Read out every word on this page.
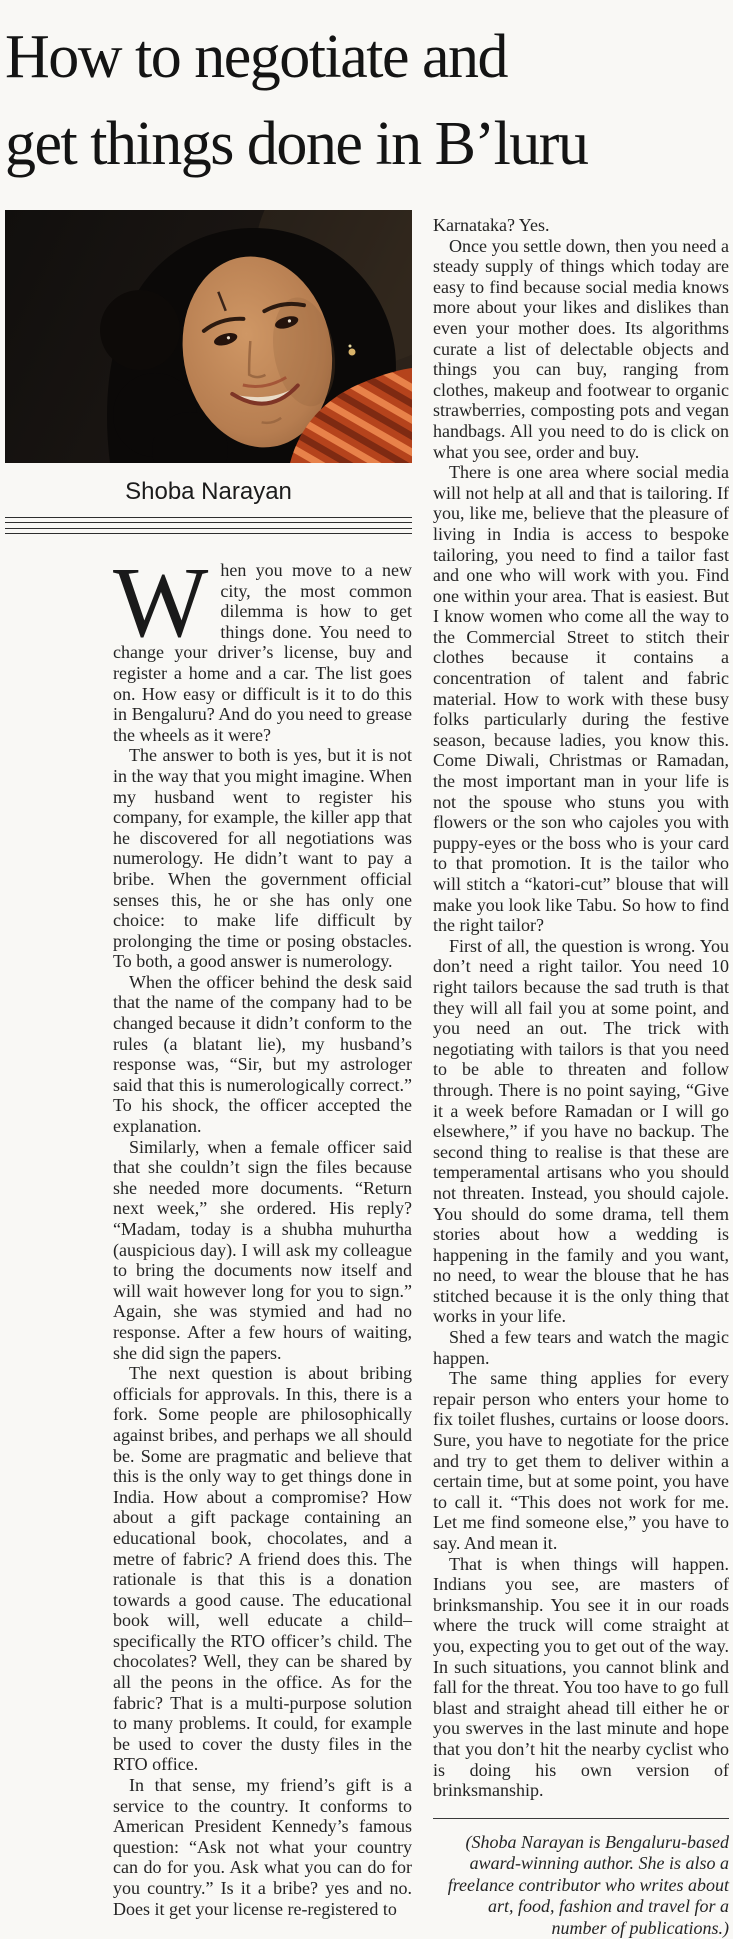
How to negotiate and
get things done in B’luru
Shoba Narayan

When you move to a new city, the most common dilemma is how to get things done. You need to change your driver’s license, buy and register a home and a car. The list goes on. How easy or difficult is it to do this in Bengaluru? And do you need to grease the wheels as it were?

The answer to both is yes, but it is not in the way that you might imagine. When my husband went to register his company, for example, the killer app that he discovered for all negotiations was numerology. He didn’t want to pay a bribe. When the government official senses this, he or she has only one choice: to make life difficult by prolonging the time or posing obstacles. To both, a good answer is numerology.

When the officer behind the desk said that the name of the company had to be changed because it didn’t conform to the rules (a blatant lie), my husband’s response was, “Sir, but my astrologer said that this is numerologically correct.” To his shock, the officer accepted the explanation.

Similarly, when a female officer said that she couldn’t sign the files because she needed more documents. “Return next week,” she ordered. His reply? “Madam, today is a shubha muhurtha (auspicious day). I will ask my colleague to bring the documents now itself and will wait however long for you to sign.” Again, she was stymied and had no response. After a few hours of waiting, she did sign the papers.

The next question is about bribing officials for approvals. In this, there is a fork. Some people are philosophically against bribes, and perhaps we all should be. Some are pragmatic and believe that this is the only way to get things done in India. How about a compromise? How about a gift package containing an educational book, chocolates, and a metre of fabric? A friend does this. The rationale is that this is a donation towards a good cause. The educational book will, well educate a child– specifically the RTO officer’s child. The chocolates? Well, they can be shared by all the peons in the office. As for the fabric? That is a multi-purpose solution to many problems. It could, for example be used to cover the dusty files in the RTO office.

In that sense, my friend’s gift is a service to the country. It conforms to American President Kennedy’s famous question: “Ask not what your country can do for you. Ask what you can do for you country.” Is it a bribe? yes and no. Does it get your license re-registered to

Karnataka? Yes.

Once you settle down, then you need a steady supply of things which today are easy to find because social media knows more about your likes and dislikes than even your mother does. Its algorithms curate a list of delectable objects and things you can buy, ranging from clothes, makeup and footwear to organic strawberries, composting pots and vegan handbags. All you need to do is click on what you see, order and buy.

There is one area where social media will not help at all and that is tailoring. If you, like me, believe that the pleasure of living in India is access to bespoke tailoring, you need to find a tailor fast and one who will work with you. Find one within your area. That is easiest. But I know women who come all the way to the Commercial Street to stitch their clothes because it contains a concentration of talent and fabric material. How to work with these busy folks particularly during the festive season, because ladies, you know this. Come Diwali, Christmas or Ramadan, the most important man in your life is not the spouse who stuns you with flowers or the son who cajoles you with puppy-eyes or the boss who is your card to that promotion. It is the tailor who will stitch a “katori-cut” blouse that will make you look like Tabu. So how to find the right tailor?

First of all, the question is wrong. You don’t need a right tailor. You need 10 right tailors because the sad truth is that they will all fail you at some point, and you need an out. The trick with negotiating with tailors is that you need to be able to threaten and follow through. There is no point saying, “Give it a week before Ramadan or I will go elsewhere,” if you have no backup. The second thing to realise is that these are temperamental artisans who you should not threaten. Instead, you should cajole. You should do some drama, tell them stories about how a wedding is happening in the family and you want, no need, to wear the blouse that he has stitched because it is the only thing that works in your life.

Shed a few tears and watch the magic happen.

The same thing applies for every repair person who enters your home to fix toilet flushes, curtains or loose doors. Sure, you have to negotiate for the price and try to get them to deliver within a certain time, but at some point, you have to call it. “This does not work for me. Let me find someone else,” you have to say. And mean it.

That is when things will happen. Indians you see, are masters of brinksmanship. You see it in our roads where the truck will come straight at you, expecting you to get out of the way. In such situations, you cannot blink and fall for the threat. You too have to go full blast and straight ahead till either he or you swerves in the last minute and hope that you don’t hit the nearby cyclist who is doing his own version of brinksmanship.

(Shoba Narayan is Bengaluru-based award-winning author. She is also a freelance contributor who writes about art, food, fashion and travel for a number of publications.)
